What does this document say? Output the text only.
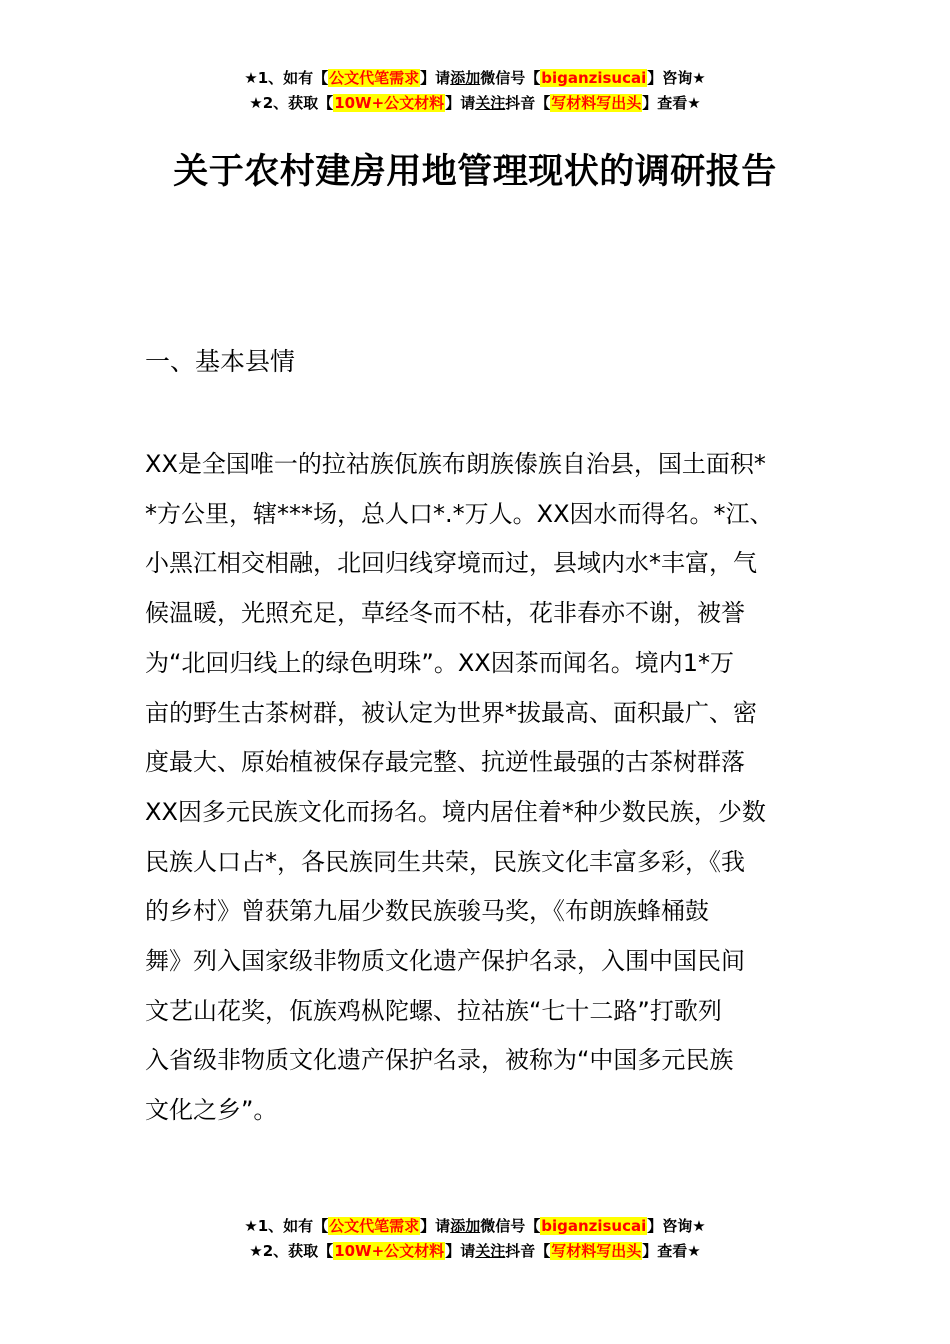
★1、如有【公文代笔需求】请添加微信号【biganzisucai】咨询★
★2、获取【10W+公文材料】请关注抖音【写材料写出头】查看★
关于农村建房用地管理现状的调研报告
一、基本县情
XX是全国唯一的拉祜族佤族布朗族傣族自治县，国土面积*
*方公里，辖***场，总人口*.*万人。XX因水而得名。*江、
小黑江相交相融，北回归线穿境而过，县域内水*丰富，气
候温暖，光照充足，草经冬而不枯，花非春亦不谢，被誉
为“北回归线上的绿色明珠”。XX因茶而闻名。境内1*万
亩的野生古茶树群，被认定为世界*拔最高、面积最广、密
度最大、原始植被保存最完整、抗逆性最强的古茶树群落
XX因多元民族文化而扬名。境内居住着*种少数民族，少数
民族人口占*，各民族同生共荣，民族文化丰富多彩，《我
的乡村》曾获第九届少数民族骏马奖，《布朗族蜂桶鼓
舞》列入国家级非物质文化遗产保护名录，入围中国民间
文艺山花奖，佤族鸡枞陀螺、拉祜族“七十二路”打歌列
入省级非物质文化遗产保护名录，被称为“中国多元民族
文化之乡”。
★1、如有【公文代笔需求】请添加微信号【biganzisucai】咨询★
★2、获取【10W+公文材料】请关注抖音【写材料写出头】查看★
